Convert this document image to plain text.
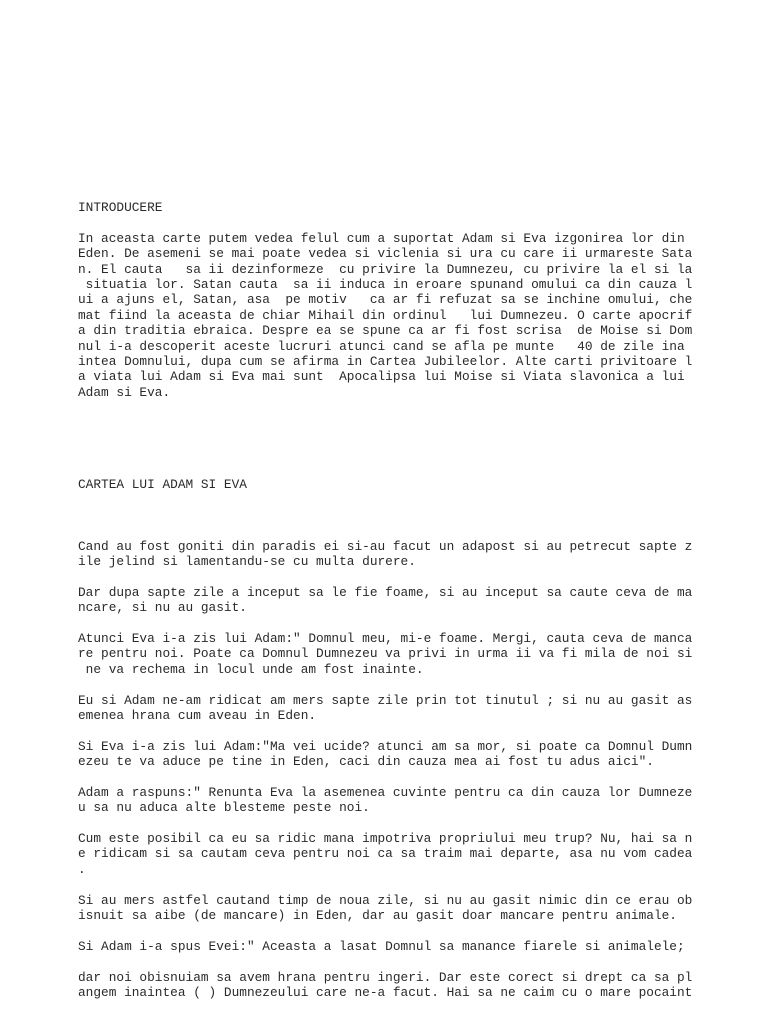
INTRODUCERE
In aceasta carte putem vedea felul cum a suportat Adam si Eva izgonirea lor din
Eden. De asemeni se mai poate vedea si viclenia si ura cu care ii urmareste Sata
n. El cauta   sa ii dezinformeze  cu privire la Dumnezeu, cu privire la el si la
situatia lor. Satan cauta  sa ii induca in eroare spunand omului ca din cauza l
ui a ajuns el, Satan, asa  pe motiv   ca ar fi refuzat sa se inchine omului, che
mat fiind la aceasta de chiar Mihail din ordinul   lui Dumnezeu. O carte apocrif
a din traditia ebraica. Despre ea se spune ca ar fi fost scrisa  de Moise si Dom
nul i-a descoperit aceste lucruri atunci cand se afla pe munte   40 de zile ina
intea Domnului, dupa cum se afirma in Cartea Jubileelor. Alte carti privitoare l
a viata lui Adam si Eva mai sunt  Apocalipsa lui Moise si Viata slavonica a lui
Adam si Eva.
CARTEA LUI ADAM SI EVA
Cand au fost goniti din paradis ei si-au facut un adapost si au petrecut sapte z
ile jelind si lamentandu-se cu multa durere.
Dar dupa sapte zile a inceput sa le fie foame, si au inceput sa caute ceva de ma
ncare, si nu au gasit.
Atunci Eva i-a zis lui Adam:" Domnul meu, mi-e foame. Mergi, cauta ceva de manca
re pentru noi. Poate ca Domnul Dumnezeu va privi in urma ii va fi mila de noi si
ne va rechema in locul unde am fost inainte.
Eu si Adam ne-am ridicat am mers sapte zile prin tot tinutul ; si nu au gasit as
emenea hrana cum aveau in Eden.
Si Eva i-a zis lui Adam:"Ma vei ucide? atunci am sa mor, si poate ca Domnul Dumn
ezeu te va aduce pe tine in Eden, caci din cauza mea ai fost tu adus aici".
Adam a raspuns:" Renunta Eva la asemenea cuvinte pentru ca din cauza lor Dumneze
u sa nu aduca alte blesteme peste noi.
Cum este posibil ca eu sa ridic mana impotriva propriului meu trup? Nu, hai sa n
e ridicam si sa cautam ceva pentru noi ca sa traim mai departe, asa nu vom cadea
.
Si au mers astfel cautand timp de noua zile, si nu au gasit nimic din ce erau ob
isnuit sa aibe (de mancare) in Eden, dar au gasit doar mancare pentru animale.
Si Adam i-a spus Evei:" Aceasta a lasat Domnul sa manance fiarele si animalele;
dar noi obisnuiam sa avem hrana pentru ingeri. Dar este corect si drept ca sa pl
angem inaintea ( ) Dumnezeului care ne-a facut. Hai sa ne caim cu o mare pocaint
